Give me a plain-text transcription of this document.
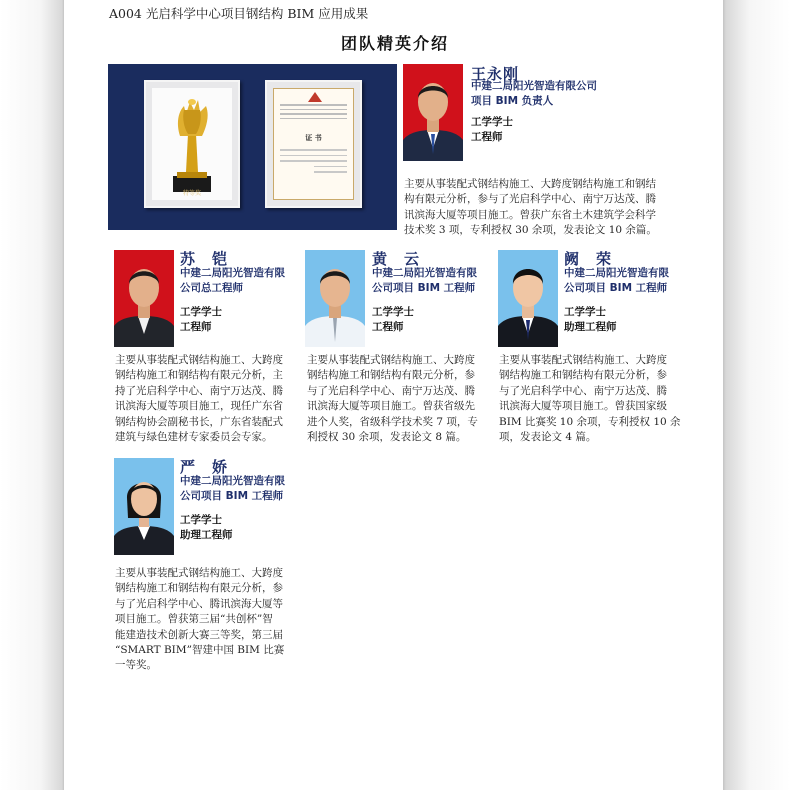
A004 光启科学中心项目钢结构 BIM 应用成果
团队精英介绍
特等奖
证 书
王永刚
中建二局阳光智造有限公司
项目 BIM 负责人
工学学士
工程师
主要从事装配式钢结构施工、大跨度钢结构施工和钢结
构有限元分析，参与了光启科学中心、南宁万达茂、腾
讯滨海大厦等项目施工。曾获广东省土木建筑学会科学
技术奖 3 项，专利授权 30 余项，发表论文 10 余篇。
苏　铠
中建二局阳光智造有限
公司总工程师
工学学士
工程师
主要从事装配式钢结构施工、大跨度
钢结构施工和钢结构有限元分析，主
持了光启科学中心、南宁万达茂、腾
讯滨海大厦等项目施工，现任广东省
钢结构协会副秘书长，广东省装配式
建筑与绿色建材专家委员会专家。
黄　云
中建二局阳光智造有限
公司项目 BIM 工程师
工学学士
工程师
主要从事装配式钢结构施工、大跨度
钢结构施工和钢结构有限元分析，参
与了光启科学中心、南宁万达茂、腾
讯滨海大厦等项目施工。曾获省级先
进个人奖，省级科学技术奖 7 项，专
利授权 30 余项，发表论文 8 篇。
阙　荣
中建二局阳光智造有限
公司项目 BIM 工程师
工学学士
助理工程师
主要从事装配式钢结构施工、大跨度
钢结构施工和钢结构有限元分析，参
与了光启科学中心、南宁万达茂、腾
讯滨海大厦等项目施工。曾获国家级
BIM 比赛奖 10 余项，专利授权 10 余
项，发表论文 4 篇。
严　娇
中建二局阳光智造有限
公司项目 BIM 工程师
工学学士
助理工程师
主要从事装配式钢结构施工、大跨度
钢结构施工和钢结构有限元分析，参
与了光启科学中心、腾讯滨海大厦等
项目施工。曾获第三届“共创杯”智
能建造技术创新大赛三等奖，第三届
“SMART BIM”智建中国 BIM 比赛
一等奖。
